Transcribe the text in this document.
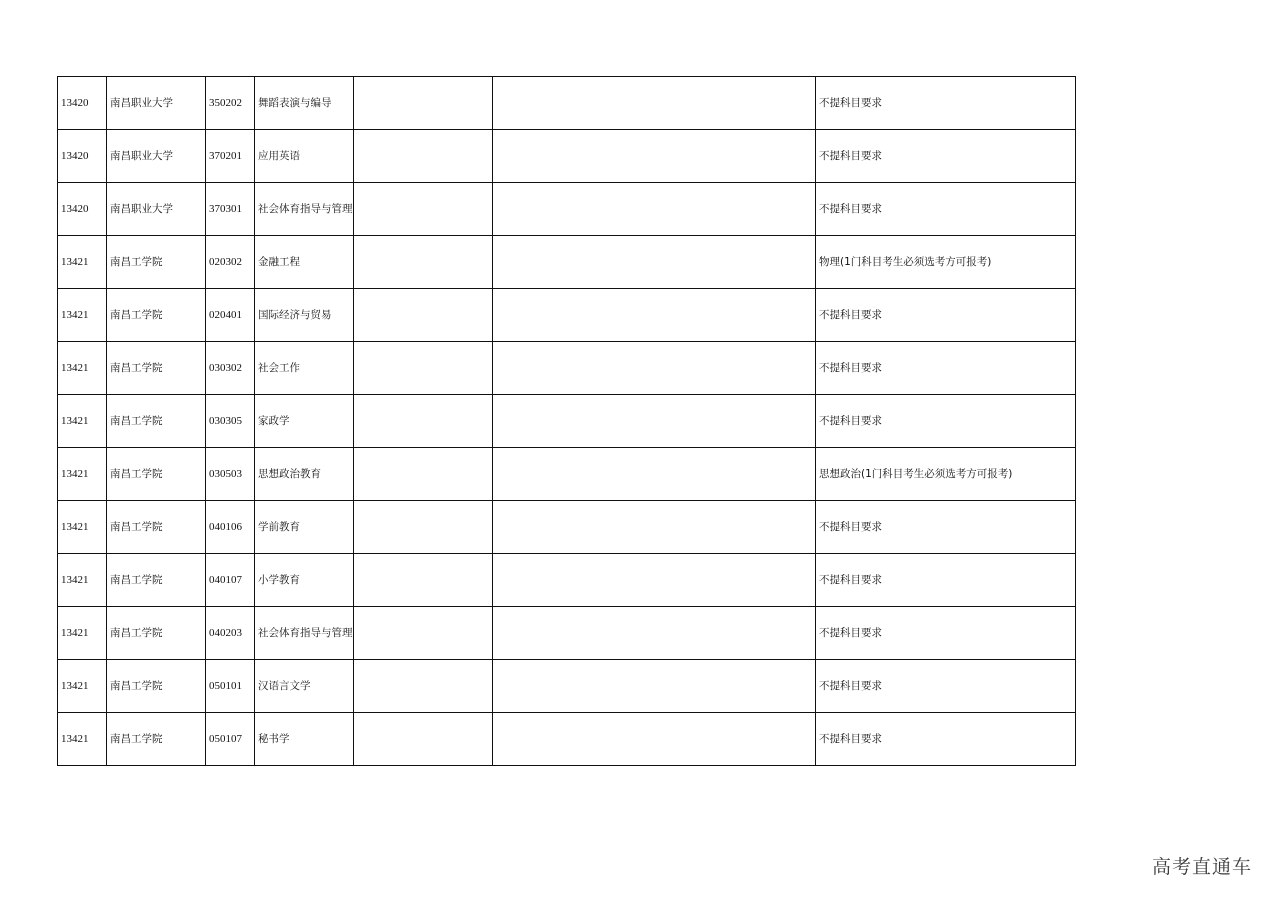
13420	南昌职业大学	350202	舞蹈表演与编导			不提科目要求
13420	南昌职业大学	370201	应用英语			不提科目要求
13420	南昌职业大学	370301	社会体育指导与管理			不提科目要求
13421	南昌工学院	020302	金融工程			物理(1门科目考生必须选考方可报考)
13421	南昌工学院	020401	国际经济与贸易			不提科目要求
13421	南昌工学院	030302	社会工作			不提科目要求
13421	南昌工学院	030305	家政学			不提科目要求
13421	南昌工学院	030503	思想政治教育			思想政治(1门科目考生必须选考方可报考)
13421	南昌工学院	040106	学前教育			不提科目要求
13421	南昌工学院	040107	小学教育			不提科目要求
13421	南昌工学院	040203	社会体育指导与管理			不提科目要求
13421	南昌工学院	050101	汉语言文学			不提科目要求
13421	南昌工学院	050107	秘书学			不提科目要求
高考直通车
